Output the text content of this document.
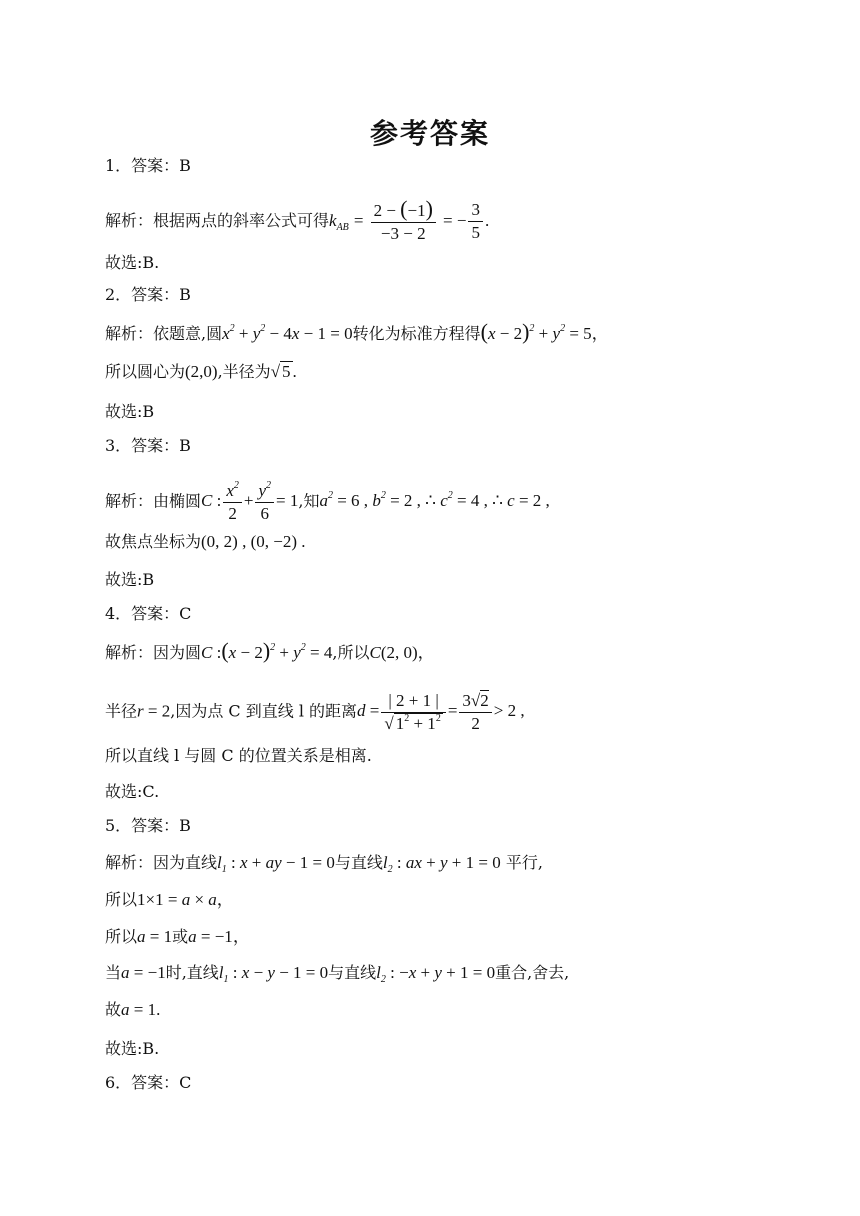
参考答案
1．答案：B
解析：根据两点的斜率公式可得$k_{AB} = \frac{2 - (-1)}{-3 - 2}$ = − $\frac{3}{5}$ .
故选:B.
2．答案：B
解析：依题意,圆$x^2 + y^2 - 4x - 1 = 0$转化为标准方程得$(x - 2)^2 + y^2 = 5$，
所以圆心为(2,0),半径为√ 5 .
故选:B
3．答案：B
解析：由椭圆C : $\frac{x^2}{2} + \frac{y^2}{6} = 1$,知$a^2 = 6$ , $b^2 = 2$ , ∴ $c^2 = 4$ , ∴ c = 2 ,
故焦点坐标为(0, 2) , (0, −2) .
故选:B
4．答案：C
解析：因为圆C :(x − $2)^2 + y^2 = 4$,所以C(2, 0)，
半径r = 2,因为点 C 到直线 l 的距离$d = \frac{| 2 + 1 |}{√ 1^2 + 1^2} = \frac{3√2}{2} > 2$ ,
所以直线 l 与圆 C 的位置关系是相离.
故选:C.
5．答案：B
解析：因为直线$l_1$ : x + ay − 1 = 0与直线$l_2$ : ax + y + 1 = 0 平行,
所以1×1 = a × a，
所以a = 1或a = −1，
当a = −1时,直线$l_1$ : x − y − 1 = 0与直线$l_2$ : −x + y + 1 = 0重合,舍去,
故a = 1.
故选:B.
6．答案：C
